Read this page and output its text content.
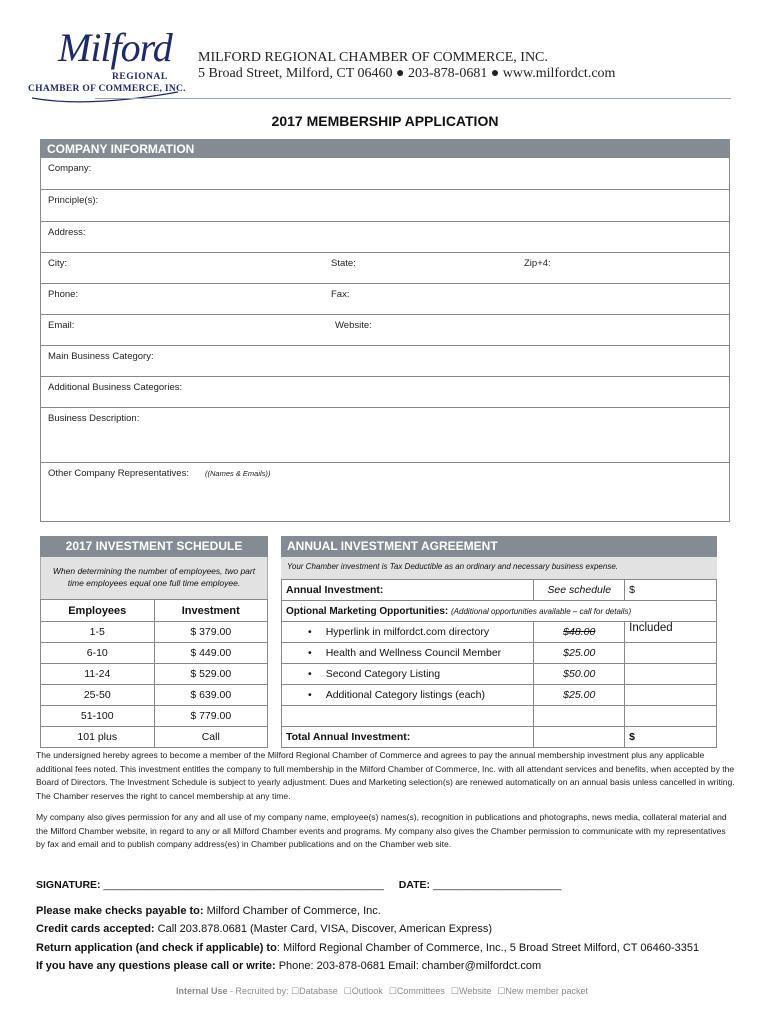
Milford
REGIONAL
CHAMBER OF COMMERCE, INC.
MILFORD REGIONAL CHAMBER OF COMMERCE, INC.
5 Broad Street, Milford, CT 06460 ● 203-878-0681 ● www.milfordct.com
2017 MEMBERSHIP APPLICATION
COMPANY INFORMATION
Company:
Principle(s):
Address:
City:	State:	Zip+4:
Phone:	Fax:
Email:	Website:
Main Business Category:
Additional Business Categories:
Business Description:
Other Company Representatives: ((Names & Emails))
2017 INVESTMENT SCHEDULE
When determining the number of employees, two part time employees equal one full time employee.
Employees	Investment
1-5	$ 379.00
6-10	$ 449.00
11-24	$ 529.00
25-50	$ 639.00
51-100	$ 779.00
101 plus	Call
ANNUAL INVESTMENT AGREEMENT
Your Chamber investment is Tax Deductible as an ordinary and necessary business expense.
Annual Investment:	See schedule	$
Optional Marketing Opportunities: (Additional opportunities available – call for details)		
• Hyperlink in milfordct.com directory	$48.00	Included
• Health and Wellness Council Member	$25.00	
• Second Category Listing	$50.00	
• Additional Category listings (each)	$25.00	

Total Annual Investment:		$
The undersigned hereby agrees to become a member of the Milford Regional Chamber of Commerce and agrees to pay the annual membership investment plus any applicable additional fees noted. This investment entitles the company to full membership in the Milford Chamber of Commerce, Inc. with all attendant services and benefits, when accepted by the Board of Directors. The Investment Schedule is subject to yearly adjustment. Dues and Marketing selection(s) are renewed automatically on an annual basis unless cancelled in writing. The Chamber reserves the right to cancel membership at any time.
My company also gives permission for any and all use of my company name, employee(s) names(s), recognition in publications and photographs, news media, collateral material and the Milford Chamber website, in regard to any or all Milford Chamber events and programs. My company also gives the Chamber permission to communicate with my representatives by fax and email and to publish company address(es) in Chamber publications and on the Chamber web site.
SIGNATURE: ________________________________________________ DATE: ______________________
Please make checks payable to: Milford Chamber of Commerce, Inc.
Credit cards accepted: Call 203.878.0681 (Master Card, VISA, Discover, American Express)
Return application (and check if applicable) to: Milford Regional Chamber of Commerce, Inc., 5 Broad Street Milford, CT 06460-3351
If you have any questions please call or write: Phone: 203-878-0681 Email: chamber@milfordct.com
Internal Use - Recruited by: ☐Database ☐Outlook ☐Committees ☐Website ☐New member packet
